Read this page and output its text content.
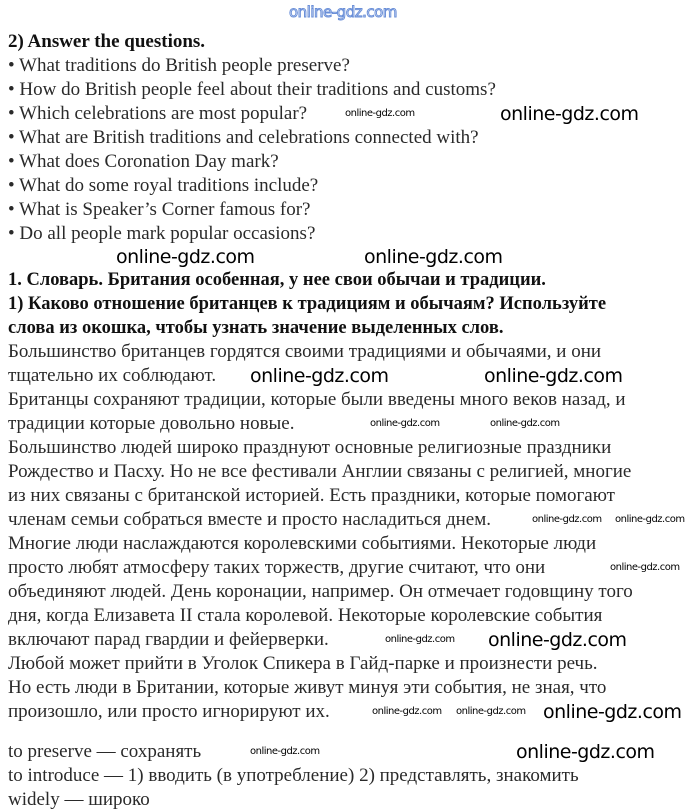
online-gdz.com
2) Answer the questions.
• What traditions do British people preserve?
• How do British people feel about their traditions and customs?
• Which celebrations are most popular?
• What are British traditions and celebrations connected with?
• What does Coronation Day mark?
• What do some royal traditions include?
• What is Speaker’s Corner famous for?
• Do all people mark popular occasions?
1. Словарь. Британия особенная, у нее свои обычаи и традиции.
1) Каково отношение британцев к традициям и обычаям? Используйте
слова из окошка, чтобы узнать значение выделенных слов.
Большинство британцев гордятся своими традициями и обычаями, и они
тщательно их соблюдают.
Британцы сохраняют традиции, которые были введены много веков назад, и
традиции которые довольно новые.
Большинство людей широко празднуют основные религиозные праздники
Рождество и Пасху. Но не все фестивали Англии связаны с религией, многие
из них связаны с британской историей. Есть праздники, которые помогают
членам семьи собраться вместе и просто насладиться днем.
Многие люди наслаждаются королевскими событиями. Некоторые люди
просто любят атмосферу таких торжеств, другие считают, что они
объединяют людей. День коронации, например. Он отмечает годовщину того
дня, когда Елизавета II стала королевой. Некоторые королевские события
включают парад гвардии и фейерверки.
Любой может прийти в Уголок Спикера в Гайд-парке и произнести речь.
Но есть люди в Британии, которые живут минуя эти события, не зная, что
произошло, или просто игнорируют их.
to preserve — сохранять
to introduce — 1) вводить (в употребление) 2) представлять, знакомить
widely — широко
online-gdz.com	online-gdz.com
online-gdz.com	online-gdz.com
online-gdz.com	online-gdz.com
online-gdz.com	online-gdz.com
online-gdz.com online-gdz.com
online-gdz.com
online-gdz.com online-gdz.com
online-gdz.com online-gdz.com online-gdz.com
online-gdz.com	online-gdz.com
